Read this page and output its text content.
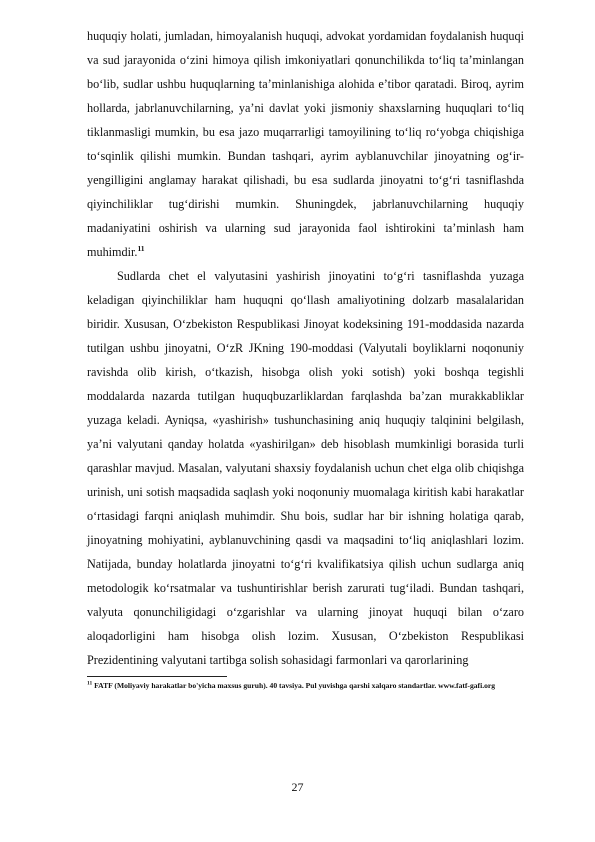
huquqiy holati, jumladan, himoyalanish huquqi, advokat yordamidan foydalanish huquqi va sud jarayonida o‘zini himoya qilish imkoniyatlari qonunchilikda to‘liq ta’minlangan bo‘lib, sudlar ushbu huquqlarning ta’minlanishiga alohida e’tibor qaratadi. Biroq, ayrim hollarda, jabrlanuvchilarning, ya’ni davlat yoki jismoniy shaxslarning huquqlari to‘liq tiklanmasligi mumkin, bu esa jazo muqarrarligi tamoyilining to‘liq ro‘yobga chiqishiga to‘sqinlik qilishi mumkin. Bundan tashqari, ayrim ayblanuvchilar jinoyatning og‘ir-yengilligini anglamay harakat qilishadi, bu esa sudlarda jinoyatni to‘g‘ri tasniflashda qiyinchiliklar tug‘dirishi mumkin. Shuningdek, jabrlanuvchilarning huquqiy madaniyatini oshirish va ularning sud jarayonida faol ishtirokini ta’minlash ham muhimdir.$^{11}$

Sudlarda chet el valyutasini yashirish jinoyatini to‘g‘ri tasniflashda yuzaga keladigan qiyinchiliklar ham huquqni qo‘llash amaliyotining dolzarb masalalaridan biridir. Xususan, O‘zbekiston Respublikasi Jinoyat kodeksining 191-moddasida nazarda tutilgan ushbu jinoyatni, O‘zR JKning 190-moddasi (Valyutali boyliklarni noqonuniy ravishda olib kirish, o‘tkazish, hisobga olish yoki sotish) yoki boshqa tegishli moddalarda nazarda tutilgan huquqbuzarliklardan farqlashda ba’zan murakkabliklar yuzaga keladi. Ayniqsa, «yashirish» tushunchasining aniq huquqiy talqinini belgilash, ya’ni valyutani qanday holatda «yashirilgan» deb hisoblash mumkinligi borasida turli qarashlar mavjud. Masalan, valyutani shaxsiy foydalanish uchun chet elga olib chiqishga urinish, uni sotish maqsadida saqlash yoki noqonuniy muomalaga kiritish kabi harakatlar o‘rtasidagi farqni aniqlash muhimdir. Shu bois, sudlar har bir ishning holatiga qarab, jinoyatning mohiyatini, ayblanuvchining qasdi va maqsadini to‘liq aniqlashlari lozim. Natijada, bunday holatlarda jinoyatni to‘g‘ri kvalifikatsiya qilish uchun sudlarga aniq metodologik ko‘rsatmalar va tushuntirishlar berish zarurati tug‘iladi. Bundan tashqari, valyuta qonunchiligidagi o‘zgarishlar va ularning jinoyat huquqi bilan o‘zaro aloqadorligini ham hisobga olish lozim. Xususan, O‘zbekiston Respublikasi Prezidentining valyutani tartibga solish sohasidagi farmonlari va qarorlarining

$^{11}$ FATF (Moliyaviy harakatlar bo'yicha maxsus guruh). 40 tavsiya. Pul yuvishga qarshi xalqaro standartlar. www.fatf-gafi.org

27
